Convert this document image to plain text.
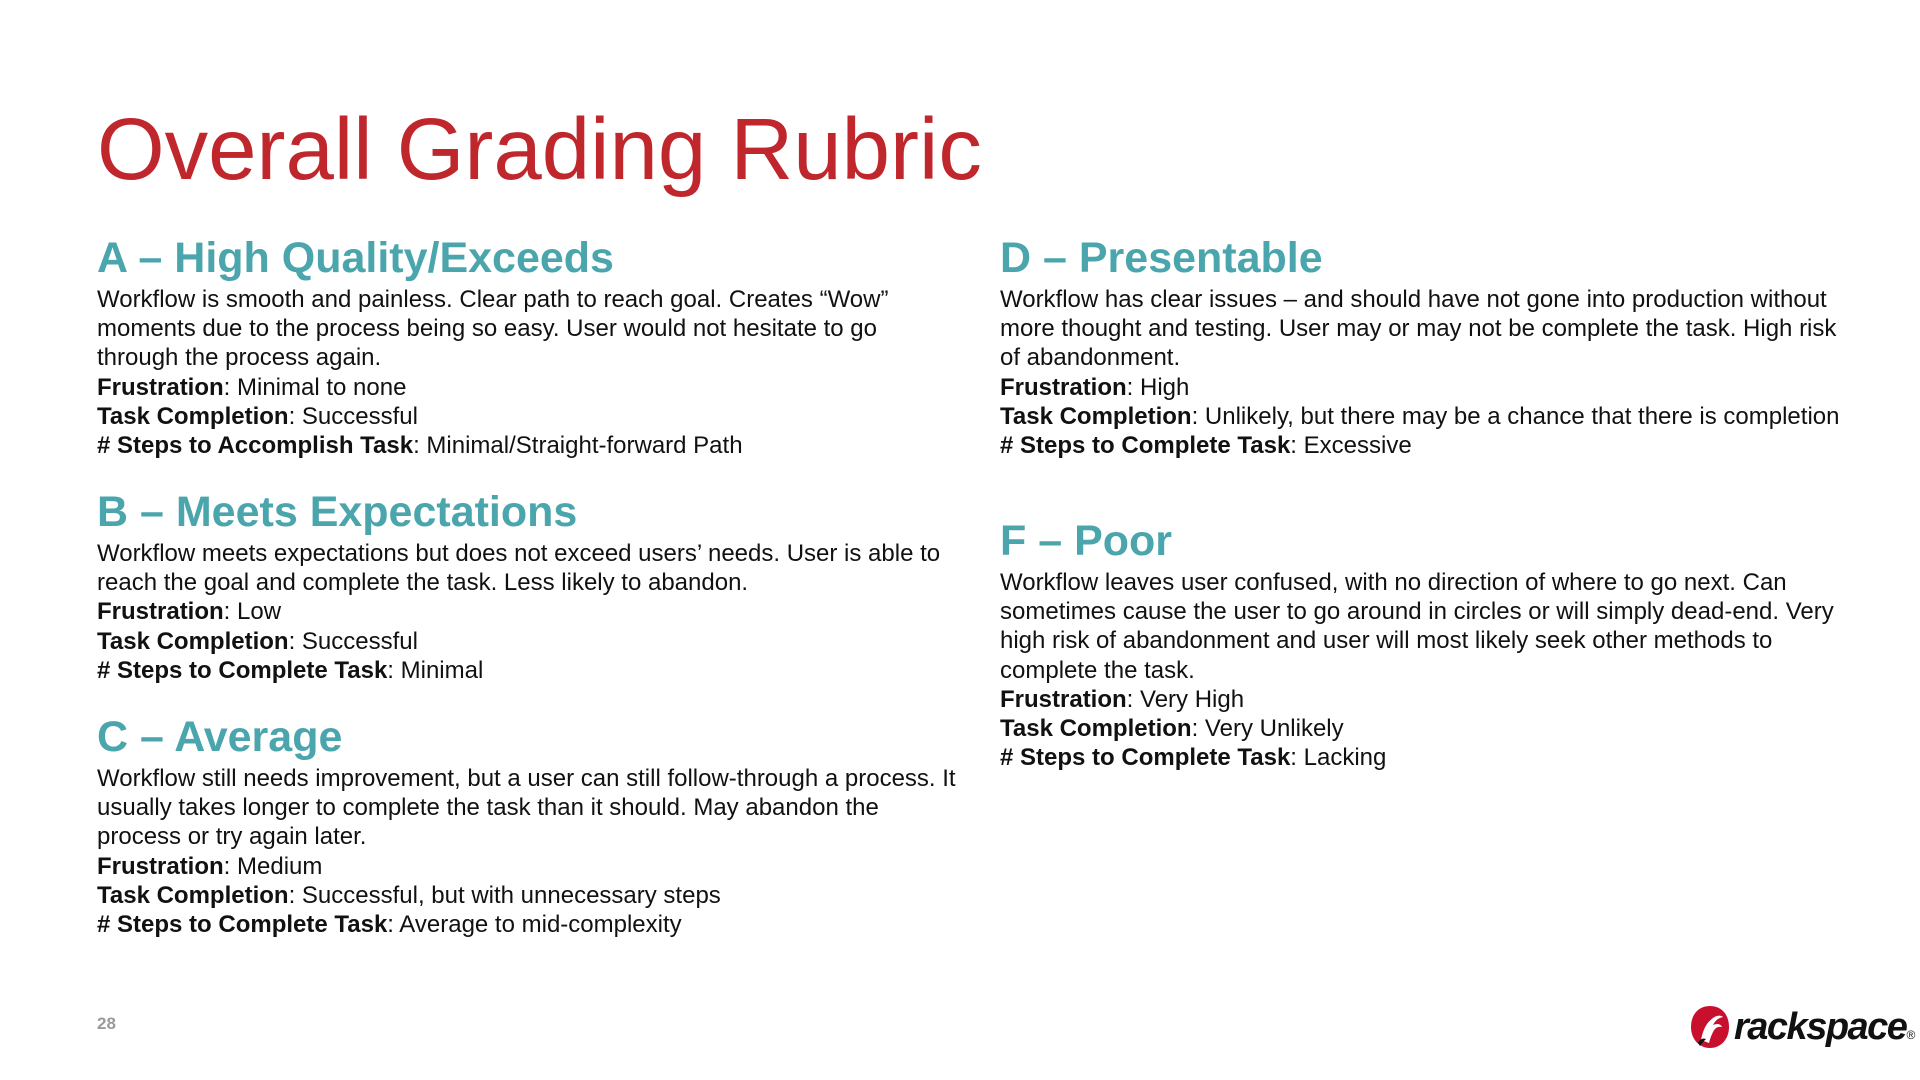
Overall Grading Rubric
A – High Quality/Exceeds

Workflow is smooth and painless. Clear path to reach goal. Creates “Wow” moments due to the process being so easy. User would not hesitate to go through the process again.

Frustration: Minimal to none

Task Completion: Successful

# Steps to Accomplish Task: Minimal/Straight-forward Path

B – Meets Expectations

Workflow meets expectations but does not exceed users’ needs. User is able to reach the goal and complete the task. Less likely to abandon.

Frustration: Low

Task Completion: Successful

# Steps to Complete Task: Minimal

C – Average

Workflow still needs improvement, but a user can still follow-through a process. It usually takes longer to complete the task than it should. May abandon the process or try again later.

Frustration: Medium

Task Completion: Successful, but with unnecessary steps

# Steps to Complete Task: Average to mid-complexity

D – Presentable

Workflow has clear issues – and should have not gone into production without more thought and testing. User may or may not be complete the task. High risk of abandonment.

Frustration: High

Task Completion: Unlikely, but there may be a chance that there is completion

# Steps to Complete Task: Excessive

F – Poor

Workflow leaves user confused, with no direction of where to go next. Can sometimes cause the user to go around in circles or will simply dead-end. Very high risk of abandonment and user will most likely seek other methods to complete the task.

Frustration: Very High

Task Completion: Very Unlikely

# Steps to Complete Task: Lacking

28	rackspace ®
